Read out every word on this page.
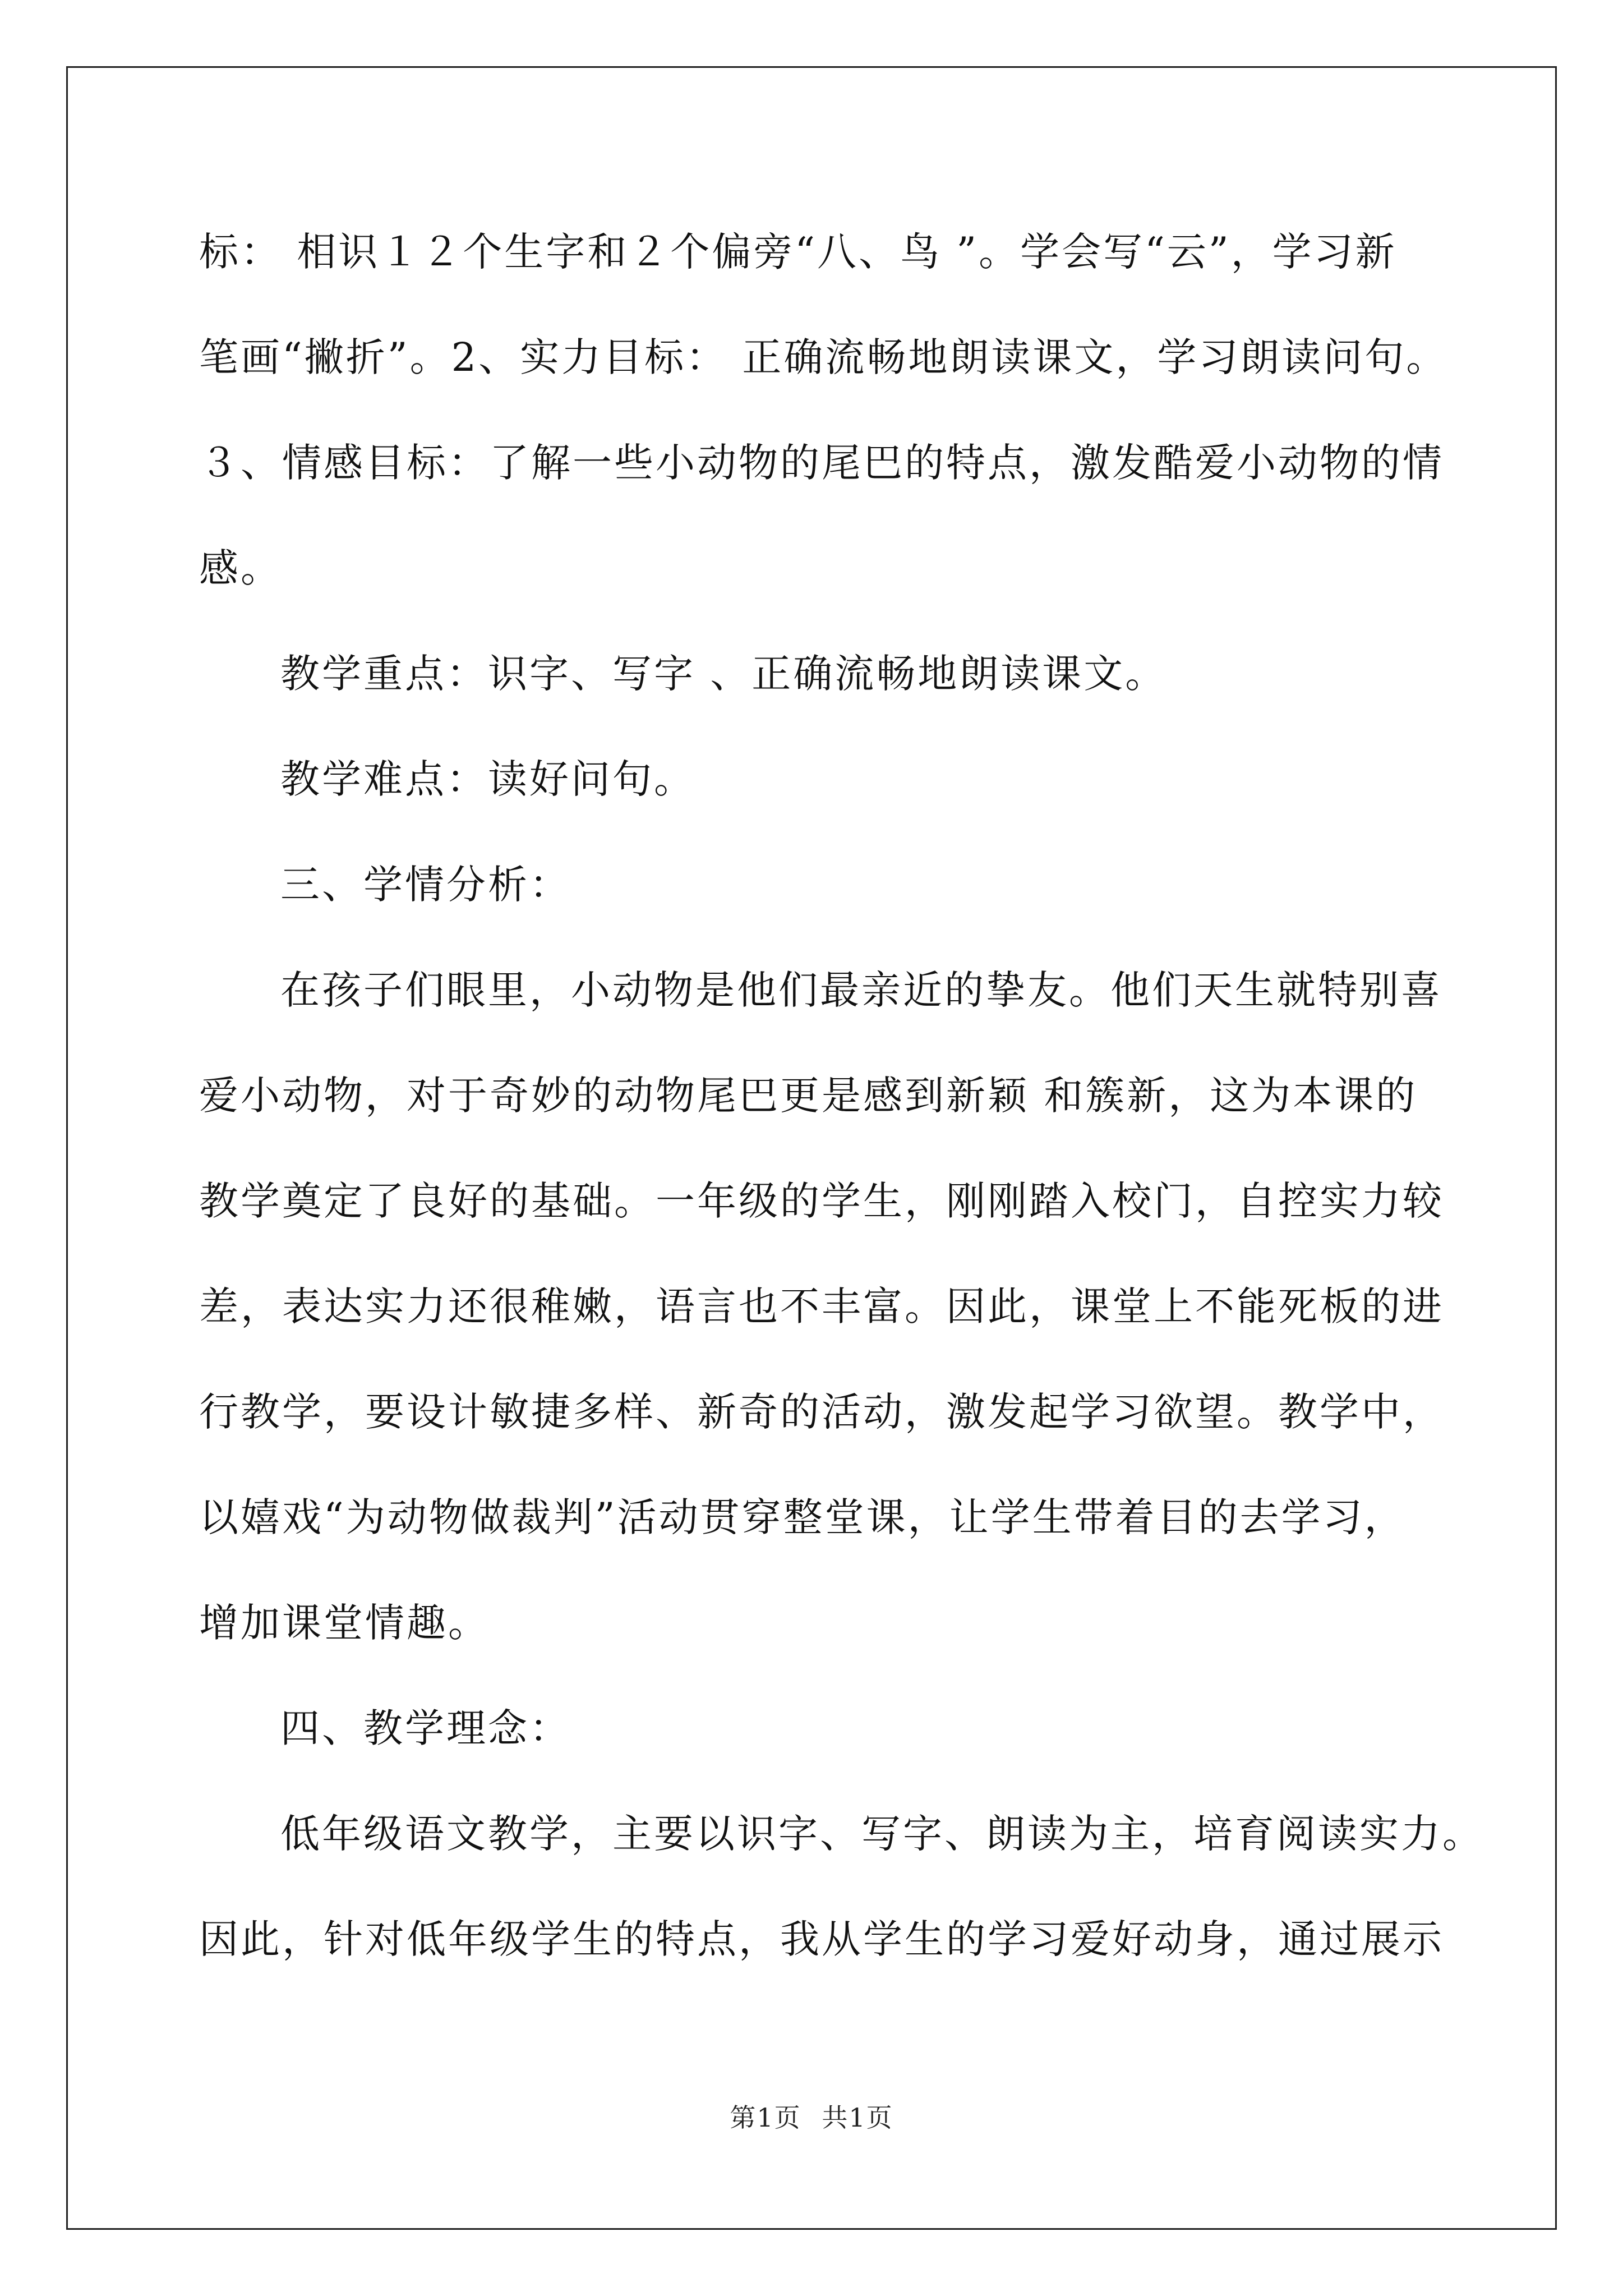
标： 相识１２个生字和２个偏旁“八、鸟 ”。学会写“云”，学习新
笔画“撇折”。2、实力目标： 正确流畅地朗读课文，学习朗读问句。
３、情感目标：了解一些小动物的尾巴的特点，激发酷爱小动物的情
感。
教学重点：识字、写字 、正确流畅地朗读课文。
教学难点：读好问句。
三、学情分析：
在孩子们眼里，小动物是他们最亲近的挚友。他们天生就特别喜
爱小动物，对于奇妙的动物尾巴更是感到新颖 和簇新，这为本课的
教学奠定了良好的基础。一年级的学生，刚刚踏入校门，自控实力较
差，表达实力还很稚嫩，语言也不丰富。因此，课堂上不能死板的进
行教学，要设计敏捷多样、新奇的活动，激发起学习欲望。教学中，
以嬉戏“为动物做裁判”活动贯穿整堂课，让学生带着目的去学习，
增加课堂情趣。
四、教学理念：
低年级语文教学，主要以识字、写字、朗读为主，培育阅读实力。
因此，针对低年级学生的特点，我从学生的学习爱好动身，通过展示
第1页 共1页
